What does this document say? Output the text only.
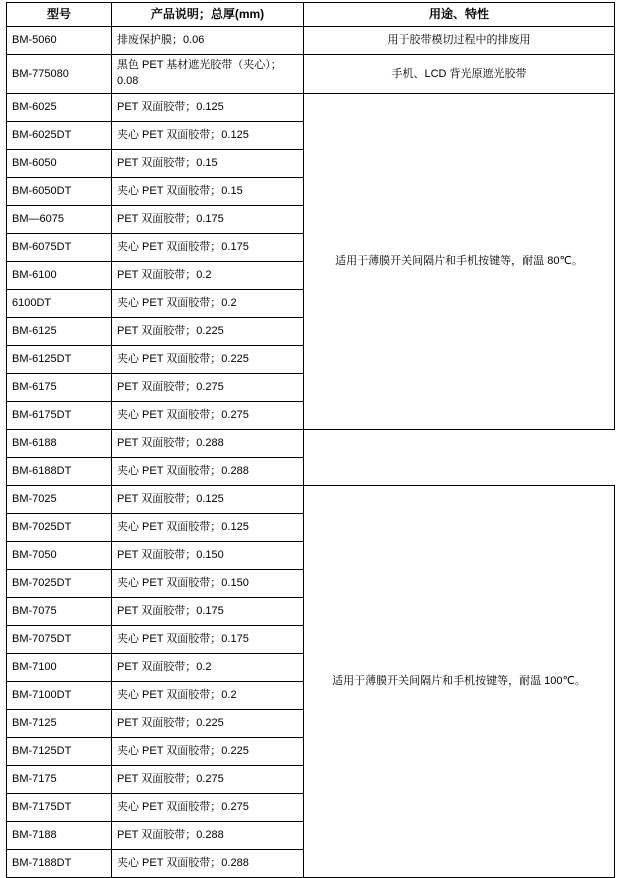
型号	产品说明；总厚(mm)	用途、特性
BM-5060	排废保护膜；0.06	用于胶带模切过程中的排废用
BM-775080	黑色 PET 基材遮光胶带（夹心）；0.08	手机、LCD 背光原遮光胶带
BM-6025	PET 双面胶带；0.125	适用于薄膜开关间隔片和手机按键等，耐温 80℃。
BM-6025DT	夹心 PET 双面胶带；0.125	
BM-6050	PET 双面胶带；0.15	
BM-6050DT	夹心 PET 双面胶带；0.15	
BM—6075	PET 双面胶带；0.175	
BM-6075DT	夹心 PET 双面胶带；0.175	
BM-6100	PET 双面胶带；0.2	
6100DT	夹心 PET 双面胶带；0.2	
BM-6125	PET 双面胶带；0.225	
BM-6125DT	夹心 PET 双面胶带；0.225	
BM-6175	PET 双面胶带；0.275	
BM-6175DT	夹心 PET 双面胶带；0.275	
BM-6188	PET 双面胶带；0.288	
BM-6188DT	夹心 PET 双面胶带；0.288	
BM-7025	PET 双面胶带；0.125	适用于薄膜开关间隔片和手机按键等，耐温 100℃。
BM-7025DT	夹心 PET 双面胶带；0.125	
BM-7050	PET 双面胶带；0.150	
BM-7025DT	夹心 PET 双面胶带；0.150	
BM-7075	PET 双面胶带；0.175	
BM-7075DT	夹心 PET 双面胶带；0.175	
BM-7100	PET 双面胶带；0.2	
BM-7100DT	夹心 PET 双面胶带；0.2	
BM-7125	PET 双面胶带；0.225	
BM-7125DT	夹心 PET 双面胶带；0.225	
BM-7175	PET 双面胶带；0.275	
BM-7175DT	夹心 PET 双面胶带；0.275	
BM-7188	PET 双面胶带；0.288	
BM-7188DT	夹心 PET 双面胶带；0.288	
